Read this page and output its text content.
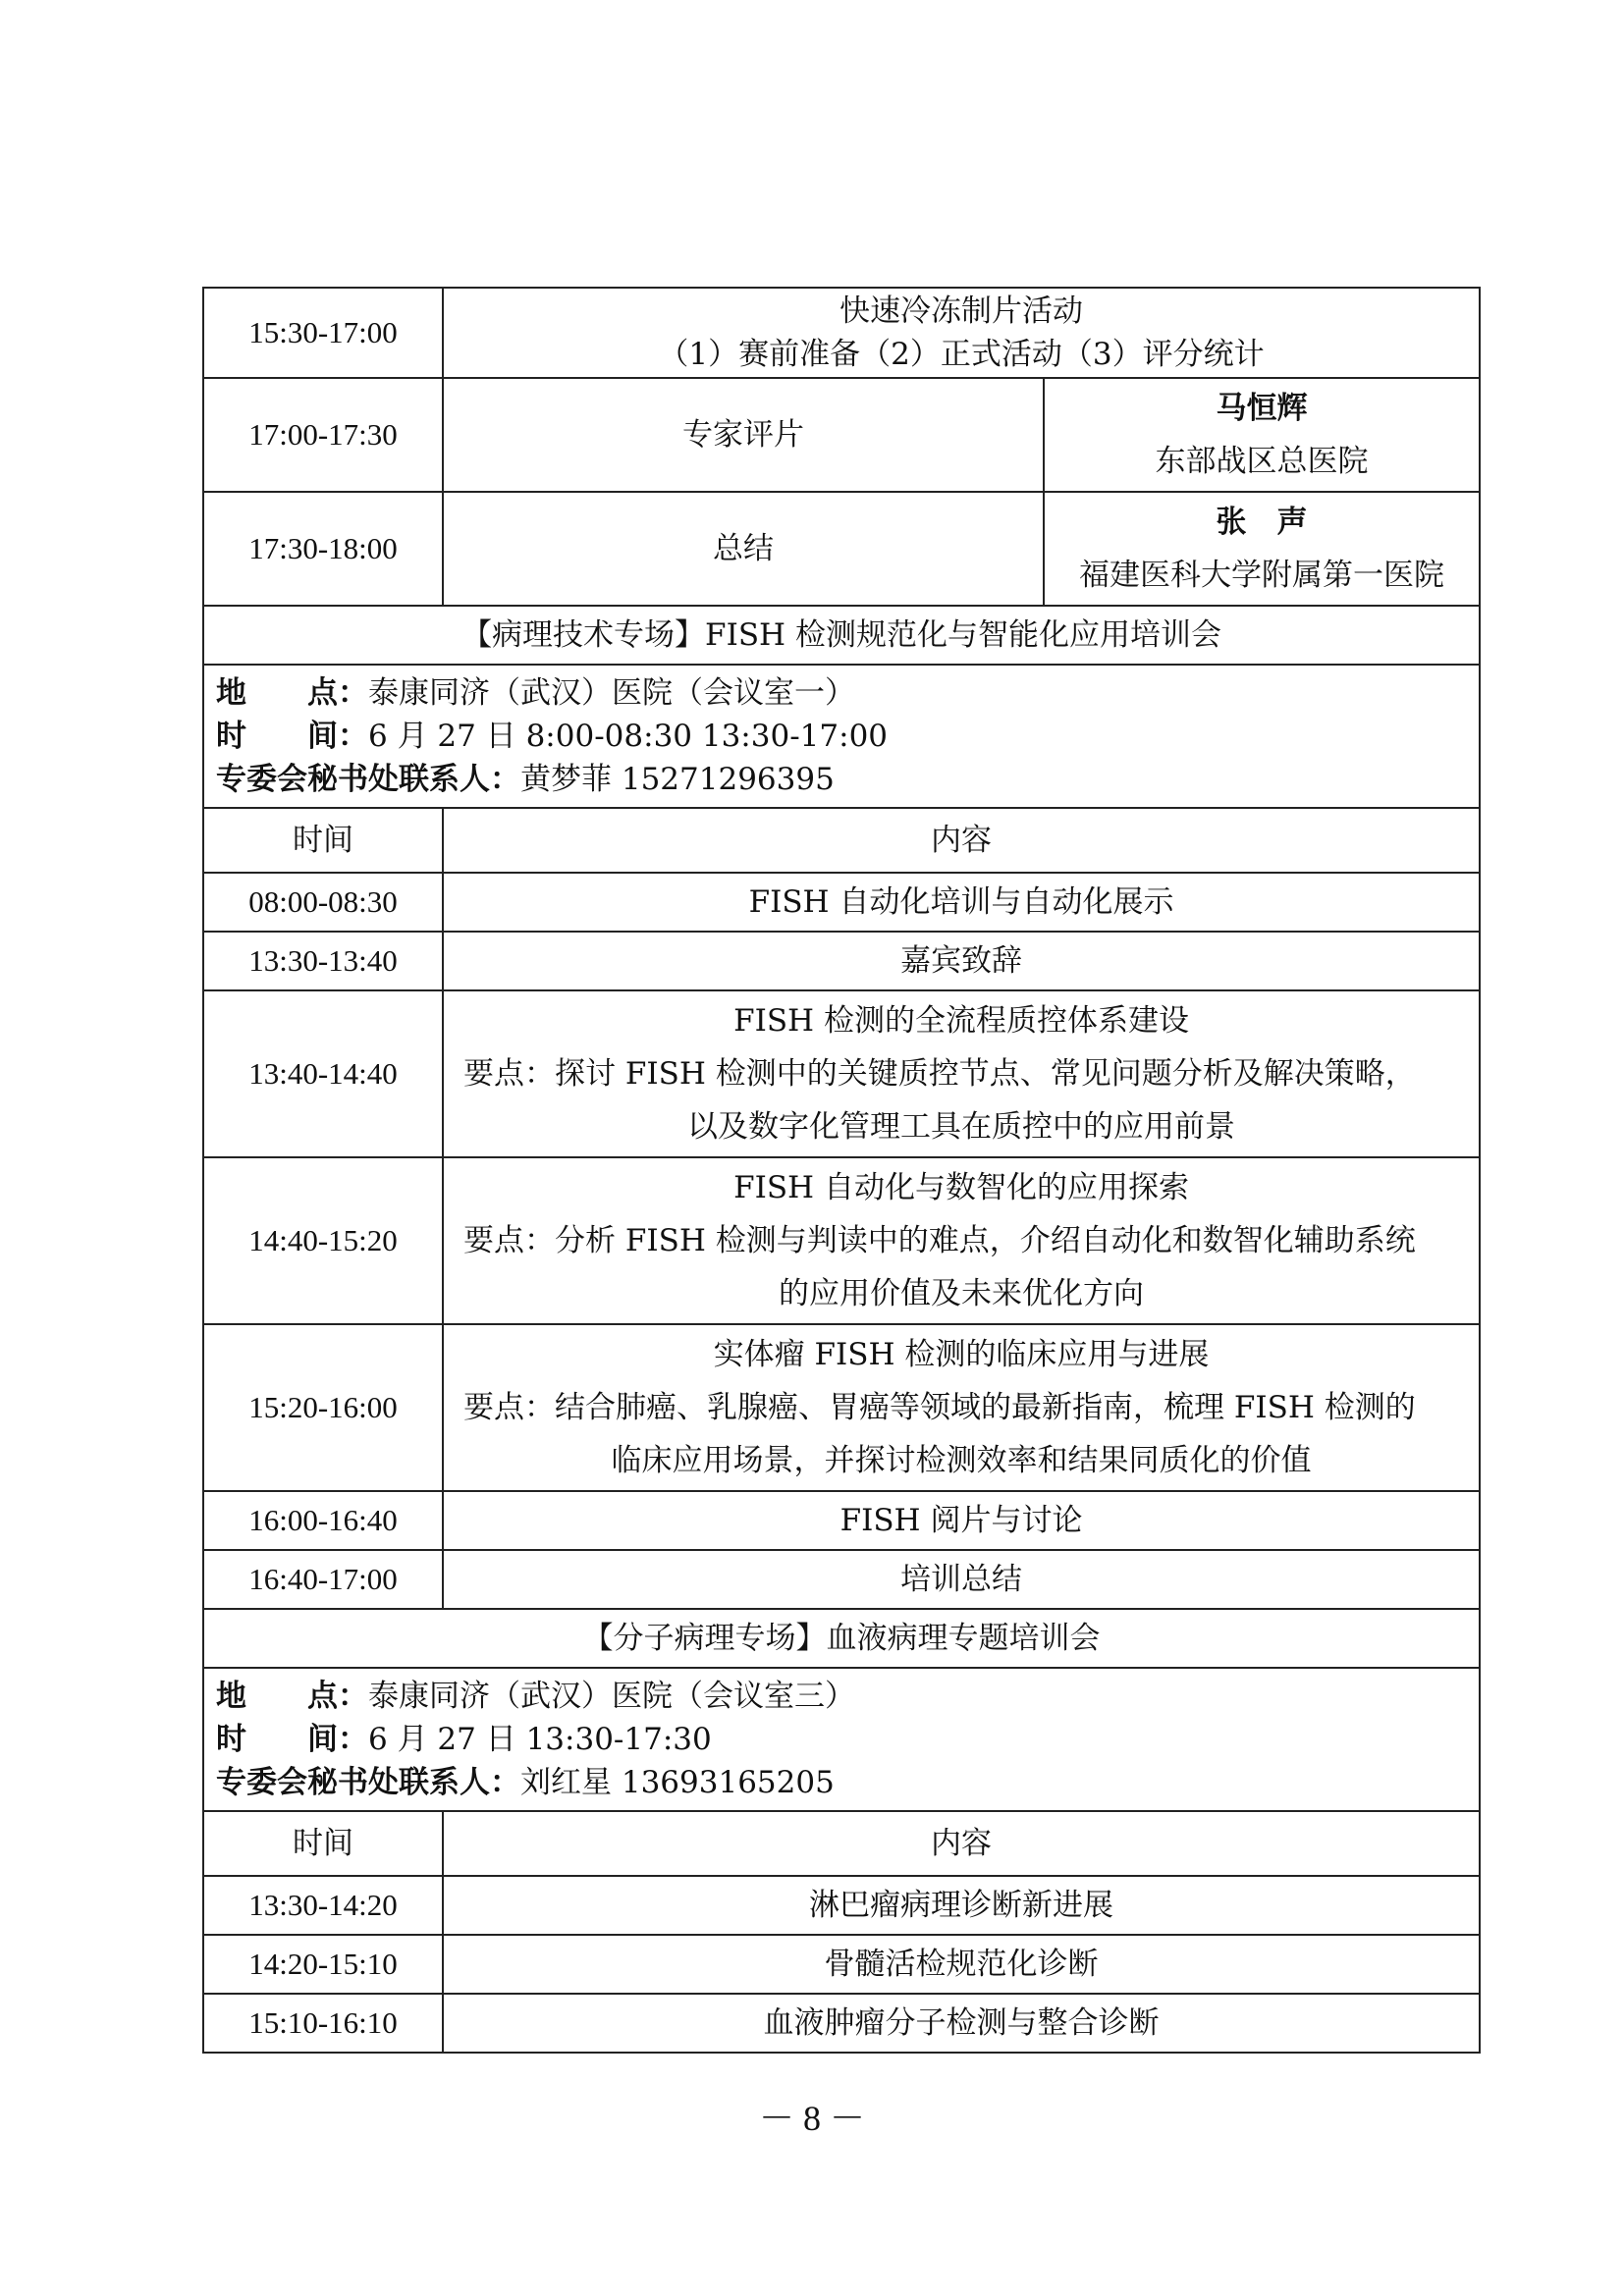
15:30-17:00	快速冷冻制片活动
（1）赛前准备（2）正式活动（3）评分统计	

17:00-17:30	专家评片	马恒辉
东部战区总医院

17:30-18:00	总结	张　声
福建医科大学附属第一医院

【病理技术专场】FISH 检测规范化与智能化应用培训会		

地　　点：泰康同济（武汉）医院（会议室一）
时　　间：6 月 27 日 8:00-08:30 13:30-17:00
专委会秘书处联系人：黄梦菲 15271296395		

时间	内容	
08:00-08:30	FISH 自动化培训与自动化展示	
13:30-13:40	嘉宾致辞	
13:40-14:40	FISH 检测的全流程质控体系建设
要点：探讨 FISH 检测中的关键质控节点、常见问题分析及解决策略，
以及数字化管理工具在质控中的应用前景	

14:40-15:20	FISH 自动化与数智化的应用探索
要点：分析 FISH 检测与判读中的难点，介绍自动化和数智化辅助系统
的应用价值及未来优化方向	

15:20-16:00	实体瘤 FISH 检测的临床应用与进展
要点：结合肺癌、乳腺癌、胃癌等领域的最新指南，梳理 FISH 检测的
临床应用场景，并探讨检测效率和结果同质化的价值	

16:00-16:40	FISH 阅片与讨论	
16:40-17:00	培训总结	
【分子病理专场】血液病理专题培训会		

地　　点：泰康同济（武汉）医院（会议室三）
时　　间：6 月 27 日 13:30-17:30
专委会秘书处联系人：刘红星 13693165205		

时间	内容	
13:30-14:20	淋巴瘤病理诊断新进展	
14:20-15:10	骨髓活检规范化诊断	
15:10-16:10	血液肿瘤分子检测与整合诊断	
－ 8 －
